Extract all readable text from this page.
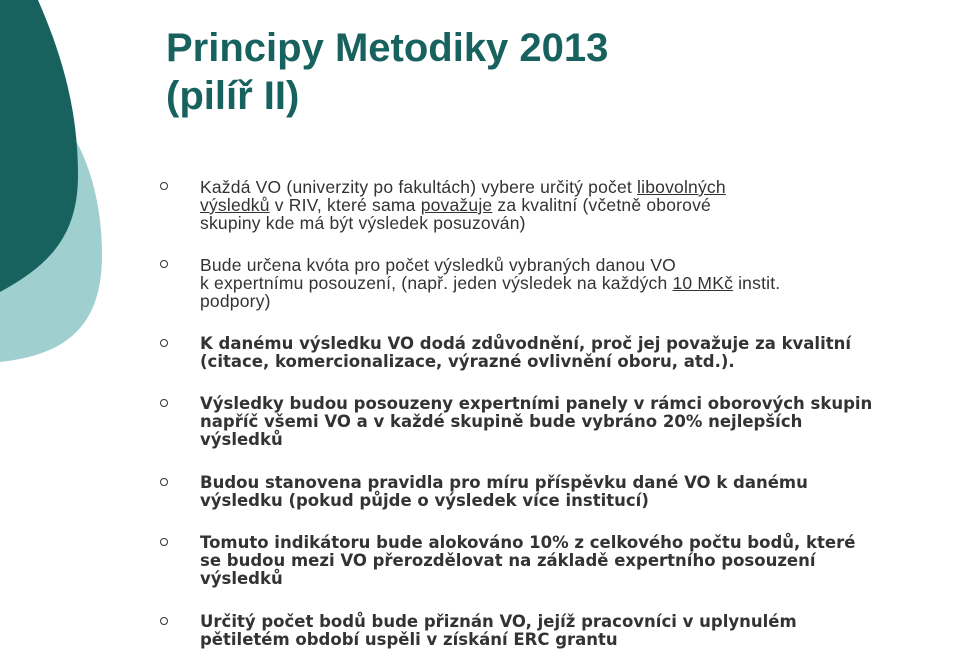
Principy Metodiky 2013
(pilíř II)

Každá VO (univerzity po fakultách) vybere určitý počet libovolných
výsledků v RIV, které sama považuje za kvalitní (včetně oborové
skupiny kde má být výsledek posuzován)

Bude určena kvóta pro počet výsledků vybraných danou VO
k expertnímu posouzení, (např. jeden výsledek na každých 10 MKč instit.
podpory)

K danému výsledku VO dodá zdůvodnění, proč jej považuje za kvalitní
(citace, komercionalizace, výrazné ovlivnění oboru, atd.).

Výsledky budou posouzeny expertními panely v rámci oborových skupin
napříč všemi VO a v každé skupině bude vybráno 20% nejlepších
výsledků

Budou stanovena pravidla pro míru příspěvku dané VO k danému
výsledku (pokud půjde o výsledek více institucí)

Tomuto indikátoru bude alokováno 10% z celkového počtu bodů, které
se budou mezi VO přerozdělovat na základě expertního posouzení
výsledků

Určitý počet bodů bude přiznán VO, jejíž pracovníci v uplynulém
pětiletém období uspěli v získání ERC grantu
